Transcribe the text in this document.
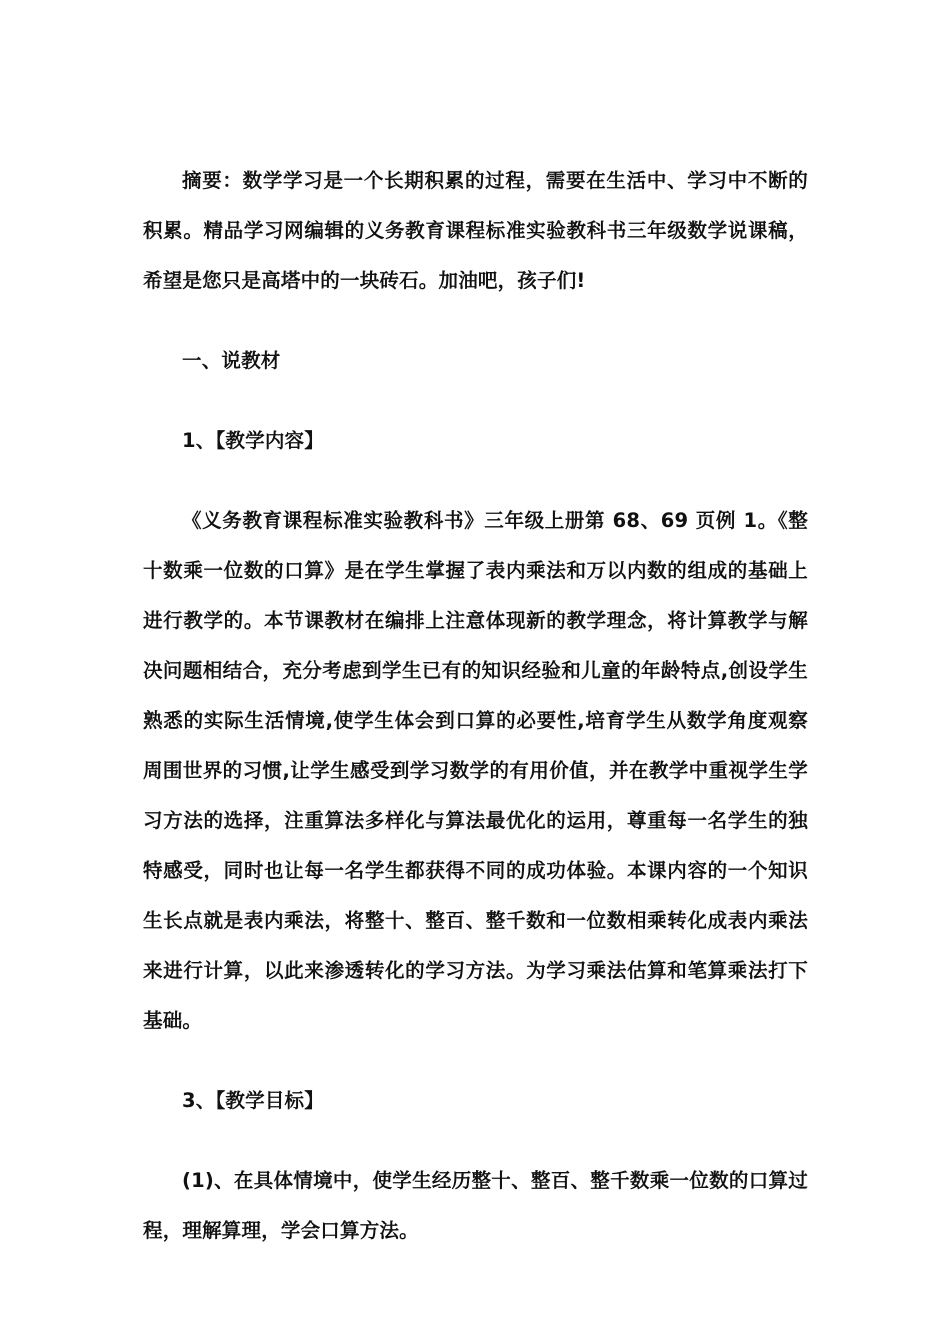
摘要：数学学习是一个长期积累的过程，需要在生活中、学习中不断的积累。精品学习网编辑的义务教育课程标准实验教科书三年级数学说课稿，希望是您只是高塔中的一块砖石。加油吧，孩子们!

一、说教材

1、【教学内容】

《义务教育课程标准实验教科书》三年级上册第 68、69 页例 1。《整十数乘一位数的口算》是在学生掌握了表内乘法和万以内数的组成的基础上进行教学的。本节课教材在编排上注意体现新的教学理念，将计算教学与解决问题相结合，充分考虑到学生已有的知识经验和儿童的年龄特点,创设学生熟悉的实际生活情境,使学生体会到口算的必要性,培育学生从数学角度观察周围世界的习惯,让学生感受到学习数学的有用价值，并在教学中重视学生学习方法的选择，注重算法多样化与算法最优化的运用，尊重每一名学生的独特感受，同时也让每一名学生都获得不同的成功体验。本课内容的一个知识生长点就是表内乘法，将整十、整百、整千数和一位数相乘转化成表内乘法来进行计算，以此来渗透转化的学习方法。为学习乘法估算和笔算乘法打下基础。

3、【教学目标】

(1)、在具体情境中，使学生经历整十、整百、整千数乘一位数的口算过程，理解算理，学会口算方法。
